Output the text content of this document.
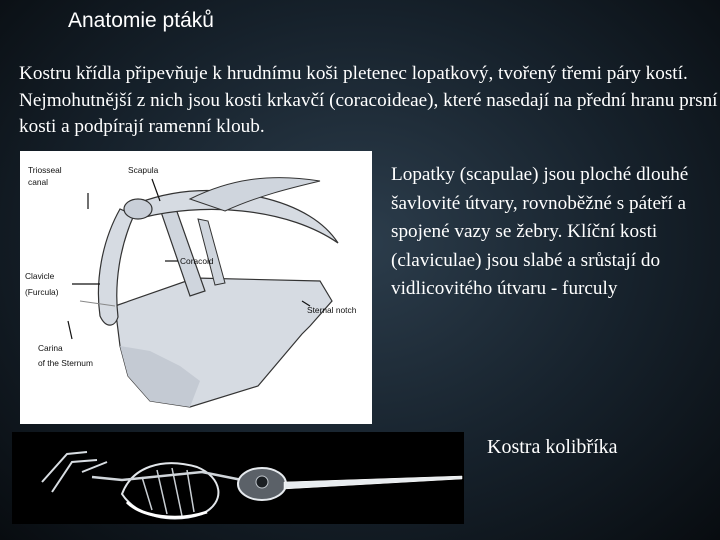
Anatomie ptáků

Kostru křídla připevňuje k hrudnímu koši pletenec lopatkový, tvořený třemi páry kostí. Nejmohutnější z nich jsou kosti krkavčí (coracoideae), které nasedají na přední hranu prsní kosti a podpírají ramenní kloub.

Triosseal
canal
Scapula
Coracoid
Clavicle
(Furcula)
Sternal notch
Carina
of the Sternum

Lopatky (scapulae) jsou ploché dlouhé šavlovité útvary, rovnoběžné s páteří a spojené vazy se žebry. Klíční kosti (claviculae) jsou slabé a srůstají do vidlicovitého útvaru - furculy

Kostra kolibříka
